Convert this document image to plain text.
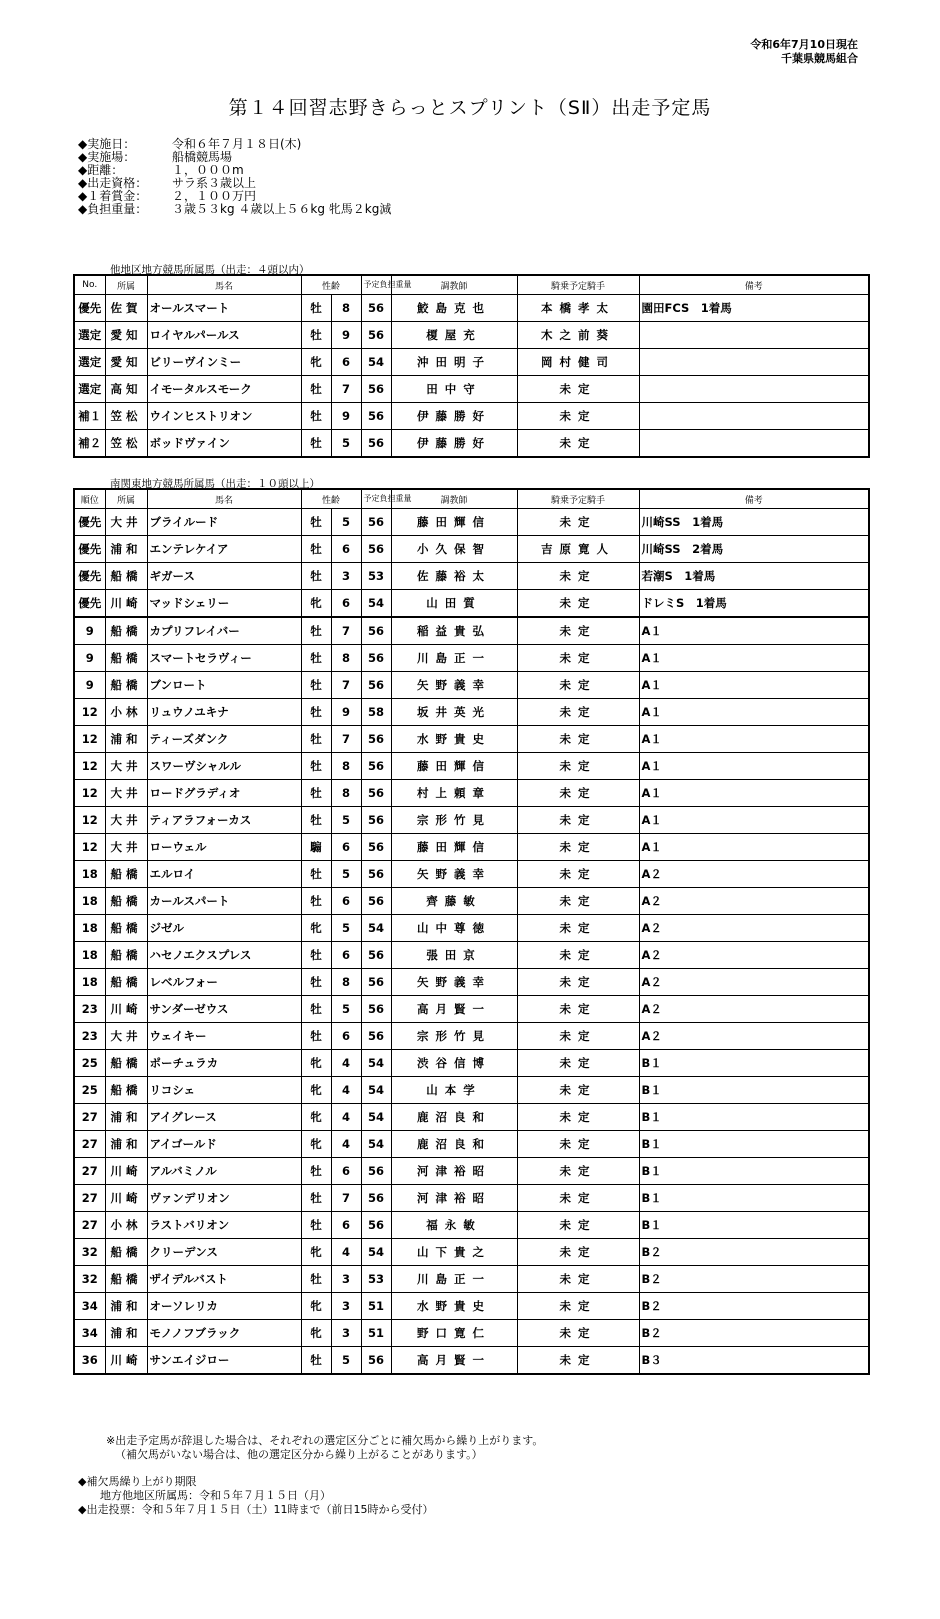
令和6年7月10日現在
千葉県競馬組合
第１４回習志野きらっとスプリント（SⅡ）出走予定馬
◆実施日：	令和６年７月１８日(木)
◆実施場：	船橋競馬場
◆距離：	１，０００m
◆出走資格：	サラ系３歳以上
◆１着賞金：	２，１００万円
◆負担重量：	３歳５３kg ４歳以上５６kg 牝馬２kg減
他地区地方競馬所属馬（出走：４頭以内）
No.	所属	馬名	性齢		予定負担重量	調教師	騎乗予定騎手	備考
優先	佐賀	オールスマート	牡	8	56	鮫島克也	本橋孝太	園田FCS　1着馬
選定	愛知	ロイヤルパールス	牡	9	56	榎屋充	木之前葵	
選定	愛知	ビリーヴインミー	牝	6	54	沖田明子	岡村健司	
選定	高知	イモータルスモーク	牡	7	56	田中守	未定	
補１	笠松	ウインヒストリオン	牡	9	56	伊藤勝好	未定	
補２	笠松	ボッドヴァイン	牡	5	56	伊藤勝好	未定	
南関東地方競馬所属馬（出走：１０頭以上）
順位	所属	馬名	性齢		予定負担重量	調教師	騎乗予定騎手	備考
優先	大井	ブライルード	牡	5	56	藤田輝信	未定	川崎SS　1着馬
優先	浦和	エンテレケイア	牡	6	56	小久保智	吉原寛人	川崎SS　2着馬
優先	船橋	ギガース	牡	3	53	佐藤裕太	未定	若潮S　1着馬
優先	川崎	マッドシェリー	牝	6	54	山田質	未定	ドレミS　1着馬
9	船橋	カプリフレイバー	牡	7	56	稲益貴弘	未定	A１
9	船橋	スマートセラヴィー	牡	8	56	川島正一	未定	A１
9	船橋	ブンロート	牡	7	56	矢野義幸	未定	A１
12	小林	リュウノユキナ	牡	9	58	坂井英光	未定	A１
12	浦和	ティーズダンク	牡	7	56	水野貴史	未定	A１
12	大井	スワーヴシャルル	牡	8	56	藤田輝信	未定	A１
12	大井	ロードグラディオ	牡	8	56	村上頼章	未定	A１
12	大井	ティアラフォーカス	牡	5	56	宗形竹見	未定	A１
12	大井	ローウェル	騸	6	56	藤田輝信	未定	A１
18	船橋	エルロイ	牡	5	56	矢野義幸	未定	A２
18	船橋	カールスパート	牡	6	56	齊藤敏	未定	A２
18	船橋	ジゼル	牝	5	54	山中尊徳	未定	A２
18	船橋	ハセノエクスプレス	牡	6	56	張田京	未定	A２
18	船橋	レベルフォー	牡	8	56	矢野義幸	未定	A２
23	川崎	サンダーゼウス	牡	5	56	高月賢一	未定	A２
23	大井	ウェイキー	牡	6	56	宗形竹見	未定	A２
25	船橋	ポーチュラカ	牝	4	54	渋谷信博	未定	B１
25	船橋	リコシェ	牝	4	54	山本学	未定	B１
27	浦和	アイグレース	牝	4	54	鹿沼良和	未定	B１
27	浦和	アイゴールド	牝	4	54	鹿沼良和	未定	B１
27	川崎	アルバミノル	牡	6	56	河津裕昭	未定	B１
27	川崎	ヴァンデリオン	牡	7	56	河津裕昭	未定	B１
27	小林	ラストバリオン	牡	6	56	福永敏	未定	B１
32	船橋	クリーデンス	牝	4	54	山下貴之	未定	B２
32	船橋	ザイデルバスト	牡	3	53	川島正一	未定	B２
34	浦和	オーソレリカ	牝	3	51	水野貴史	未定	B２
34	浦和	モノノフブラック	牝	3	51	野口寛仁	未定	B２
36	川崎	サンエイジロー	牡	5	56	高月賢一	未定	B３
※出走予定馬が辞退した場合は、それぞれの選定区分ごとに補欠馬から繰り上がります。
（補欠馬がいない場合は、他の選定区分から繰り上がることがあります。）
◆補欠馬繰り上がり期限
地方他地区所属馬：令和５年７月１５日（月）
◆出走投票：令和５年７月１５日（土）11時まで（前日15時から受付）
